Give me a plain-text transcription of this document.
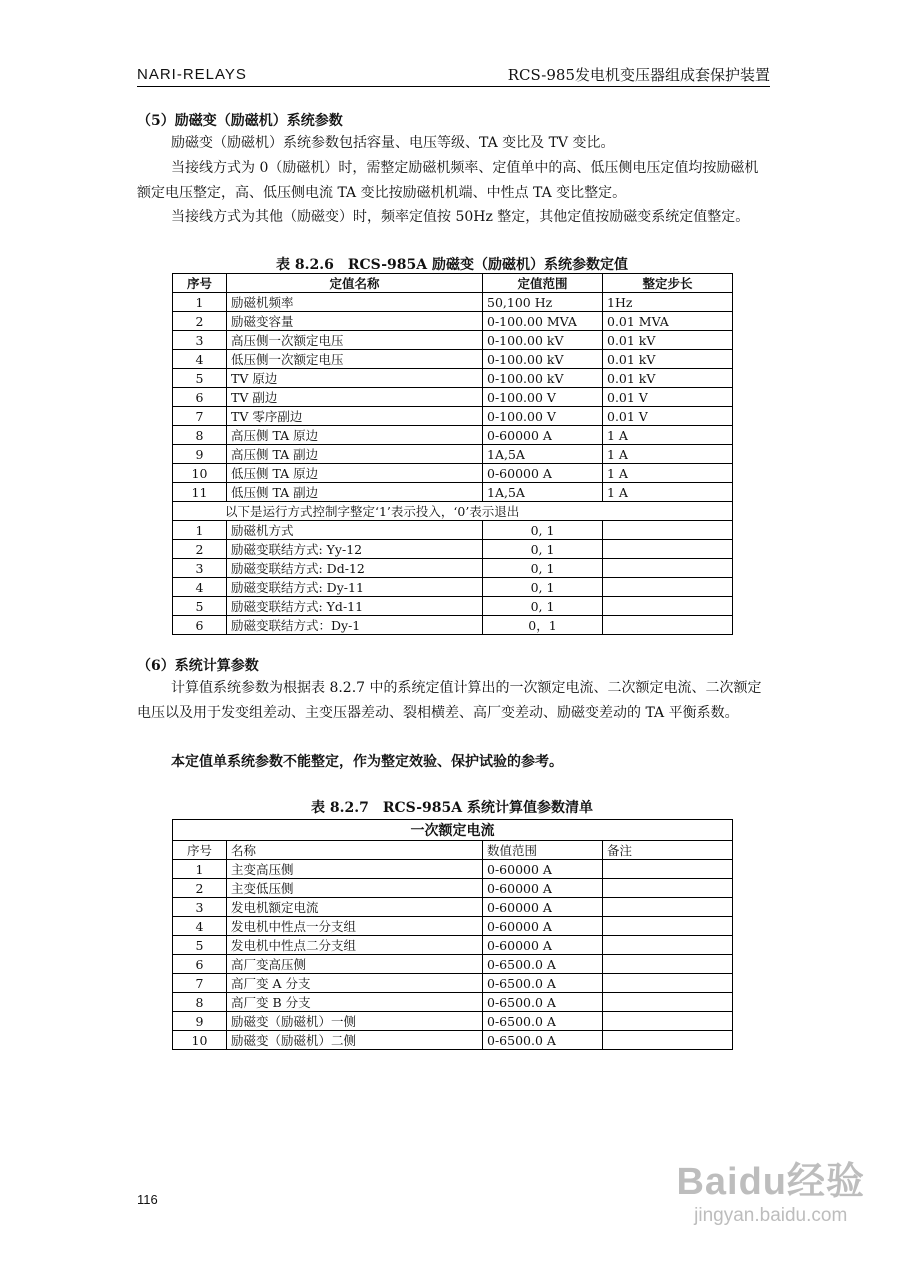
NARI-RELAYS	RCS-985发电机变压器组成套保护装置
（5）励磁变（励磁机）系统参数
励磁变（励磁机）系统参数包括容量、电压等级、TA 变比及 TV 变比。
当接线方式为 0（励磁机）时，需整定励磁机频率、定值单中的高、低压侧电压定值均按励磁机额定电压整定，高、低压侧电流 TA 变比按励磁机机端、中性点 TA 变比整定。
当接线方式为其他（励磁变）时，频率定值按 50Hz 整定，其他定值按励磁变系统定值整定。
表 8.2.6　RCS-985A 励磁变（励磁机）系统参数定值
序号	定值名称	定值范围	整定步长
1	励磁机频率	50,100 Hz	1Hz
2	励磁变容量	0-100.00 MVA	0.01 MVA
3	高压侧一次额定电压	0-100.00 kV	0.01 kV
4	低压侧一次额定电压	0-100.00 kV	0.01 kV
5	TV 原边	0-100.00 kV	0.01 kV
6	TV 副边	0-100.00 V	0.01 V
7	TV 零序副边	0-100.00 V	0.01 V
8	高压侧 TA 原边	0-60000 A	1 A
9	高压侧 TA 副边	1A,5A	1 A
10	低压侧 TA 原边	0-60000 A	1 A
11	低压侧 TA 副边	1A,5A	1 A
以下是运行方式控制字整定‘1’表示投入，‘0’表示退出			
1	励磁机方式	0, 1	
2	励磁变联结方式: Yy-12	0, 1	
3	励磁变联结方式: Dd-12	0, 1	
4	励磁变联结方式: Dy-11	0, 1	
5	励磁变联结方式: Yd-11	0, 1	
6	励磁变联结方式：Dy-1	0，1	
（6）系统计算参数
计算值系统参数为根据表 8.2.7 中的系统定值计算出的一次额定电流、二次额定电流、二次额定电压以及用于发变组差动、主变压器差动、裂相横差、高厂变差动、励磁变差动的 TA 平衡系数。
本定值单系统参数不能整定，作为整定效验、保护试验的参考。
表 8.2.7　RCS-985A 系统计算值参数清单
一次额定电流			
序号	名称	数值范围	备注
1	主变高压侧	0-60000 A	
2	主变低压侧	0-60000 A	
3	发电机额定电流	0-60000 A	
4	发电机中性点一分支组	0-60000 A	
5	发电机中性点二分支组	0-60000 A	
6	高厂变高压侧	0-6500.0 A	
7	高厂变 A 分支	0-6500.0 A	
8	高厂变 B 分支	0-6500.0 A	
9	励磁变（励磁机）一侧	0-6500.0 A	
10	励磁变（励磁机）二侧	0-6500.0 A	
116	Baidu经验
jingyan.baidu.com
